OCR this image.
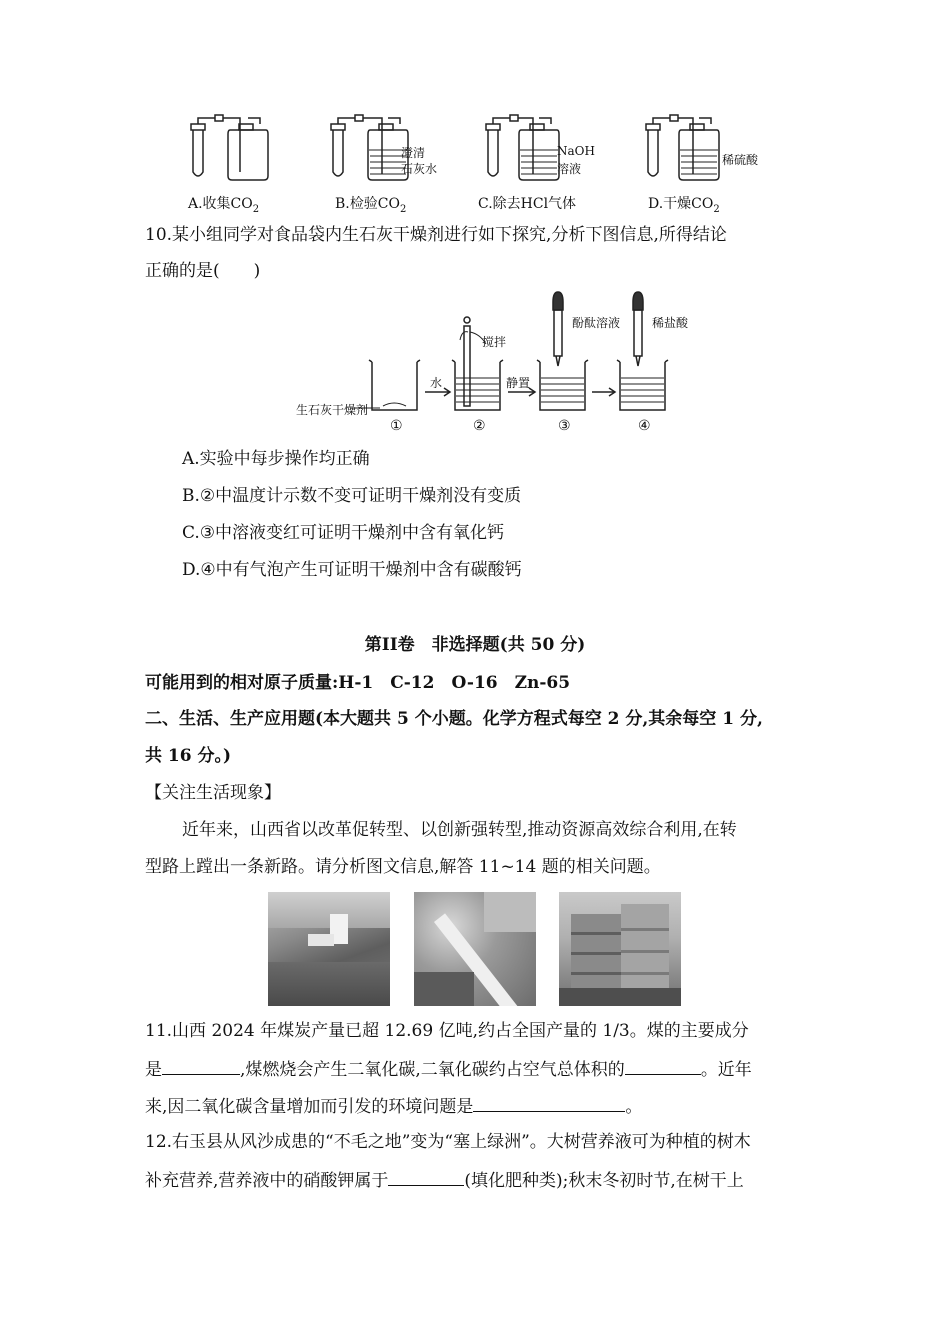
澄清
石灰水
NaOH
溶液
稀硫酸
A.收集$CO_2$	B.检验$CO_2$	C.除去HCl气体	D.干燥$CO_2$
10.某小组同学对食品袋内生石灰干燥剂进行如下探究,分析下图信息,所得结论
正确的是(　　)
生石灰干燥剂
水
搅拌
静置
酚酞溶液	稀盐酸
①	②	③	④
A.实验中每步操作均正确
B.②中温度计示数不变可证明干燥剂没有变质
C.③中溶液变红可证明干燥剂中含有氧化钙
D.④中有气泡产生可证明干燥剂中含有碳酸钙
第II卷　非选择题(共 50 分)
可能用到的相对原子质量:H-1　C-12　O-16　Zn-65
二、生活、生产应用题(本大题共 5 个小题。化学方程式每空 2 分,其余每空 1 分,
共 16 分。)
【关注生活现象】
近年来，山西省以改革促转型、以创新强转型,推动资源高效综合利用,在转
型路上蹚出一条新路。请分析图文信息,解答 11~14 题的相关问题。
11.山西 2024 年煤炭产量已超 12.69 亿吨,约占全国产量的 1/3。煤的主要成分
是	,煤燃烧会产生二氧化碳,二氧化碳约占空气总体积的	。近年
来,因二氧化碳含量增加而引发的环境问题是	。
12.右玉县从风沙成患的“不毛之地”变为“塞上绿洲”。大树营养液可为种植的树木
补充营养,营养液中的硝酸钾属于	(填化肥种类);秋末冬初时节,在树干上
